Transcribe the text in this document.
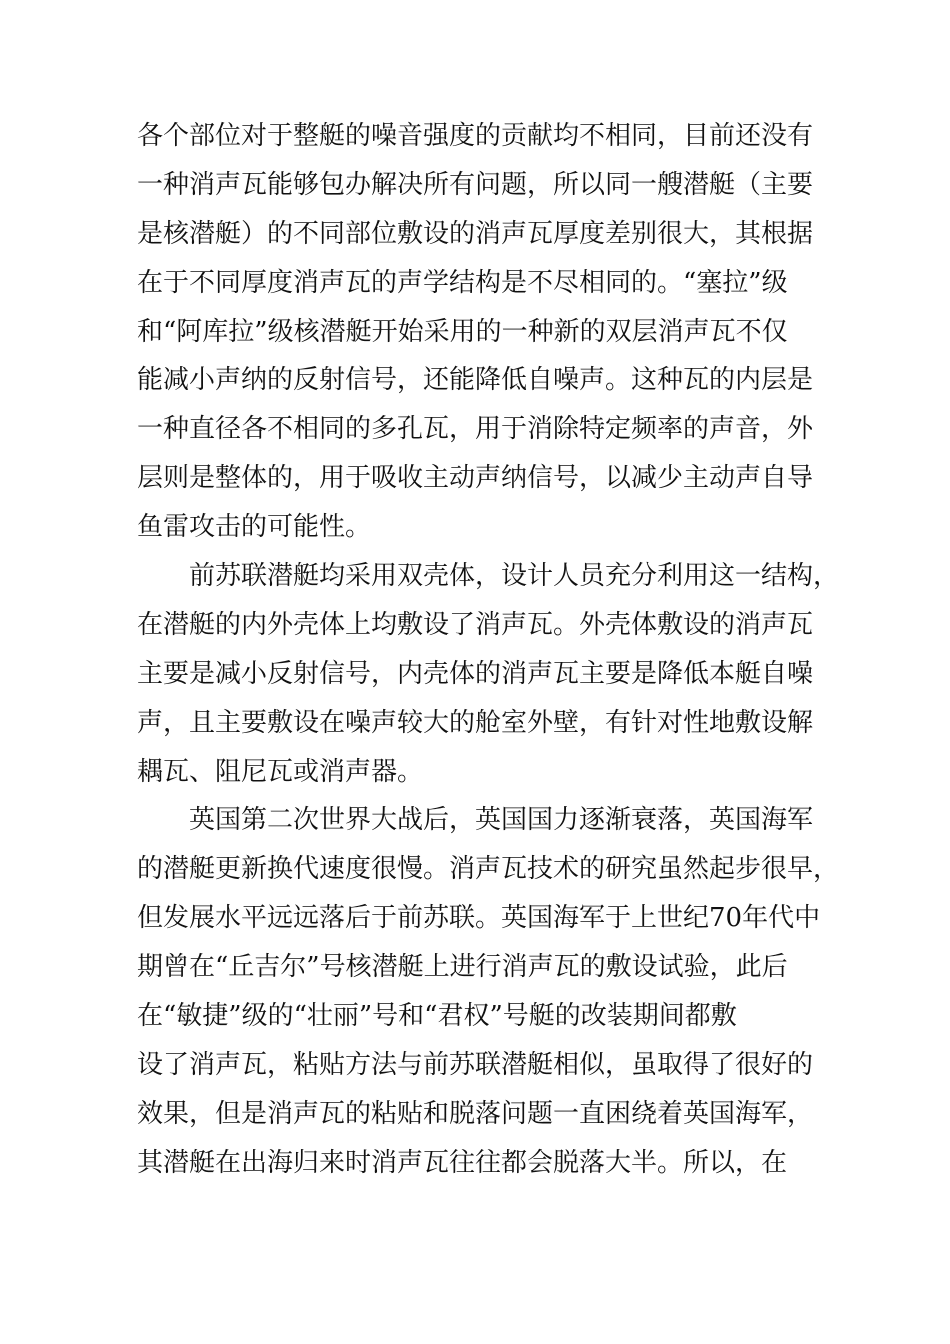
各个部位对于整艇的噪音强度的贡献均不相同，目前还没有
一种消声瓦能够包办解决所有问题，所以同一艘潜艇（主要
是核潜艇）的不同部位敷设的消声瓦厚度差别很大，其根据
在于不同厚度消声瓦的声学结构是不尽相同的。“塞拉”级
和“阿库拉”级核潜艇开始采用的一种新的双层消声瓦不仅
能减小声纳的反射信号，还能降低自噪声。这种瓦的内层是
一种直径各不相同的多孔瓦，用于消除特定频率的声音，外
层则是整体的，用于吸收主动声纳信号，以减少主动声自导
鱼雷攻击的可能性。
前苏联潜艇均采用双壳体，设计人员充分利用这一结构，
在潜艇的内外壳体上均敷设了消声瓦。外壳体敷设的消声瓦
主要是减小反射信号，内壳体的消声瓦主要是降低本艇自噪
声，且主要敷设在噪声较大的舱室外壁，有针对性地敷设解
耦瓦、阻尼瓦或消声器。
英国第二次世界大战后，英国国力逐渐衰落，英国海军
的潜艇更新换代速度很慢。消声瓦技术的研究虽然起步很早，
但发展水平远远落后于前苏联。英国海军于上世纪70年代中
期曾在“丘吉尔”号核潜艇上进行消声瓦的敷设试验，此后
在“敏捷”级的“壮丽”号和“君权”号艇的改装期间都敷
设了消声瓦，粘贴方法与前苏联潜艇相似，虽取得了很好的
效果，但是消声瓦的粘贴和脱落问题一直困绕着英国海军，
其潜艇在出海归来时消声瓦往往都会脱落大半。所以，在
